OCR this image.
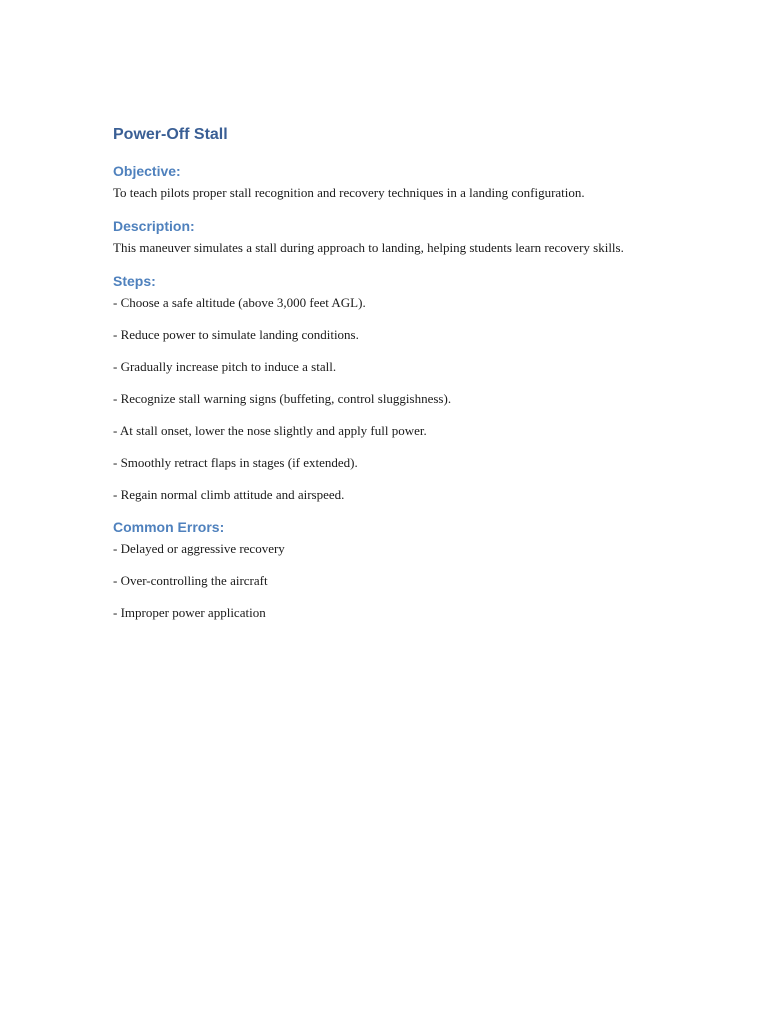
Power-Off Stall
Objective:

To teach pilots proper stall recognition and recovery techniques in a landing configuration.

Description:

This maneuver simulates a stall during approach to landing, helping students learn recovery skills.

Steps:

- Choose a safe altitude (above 3,000 feet AGL).

- Reduce power to simulate landing conditions.

- Gradually increase pitch to induce a stall.

- Recognize stall warning signs (buffeting, control sluggishness).

- At stall onset, lower the nose slightly and apply full power.

- Smoothly retract flaps in stages (if extended).

- Regain normal climb attitude and airspeed.

Common Errors:

- Delayed or aggressive recovery

- Over-controlling the aircraft

- Improper power application
